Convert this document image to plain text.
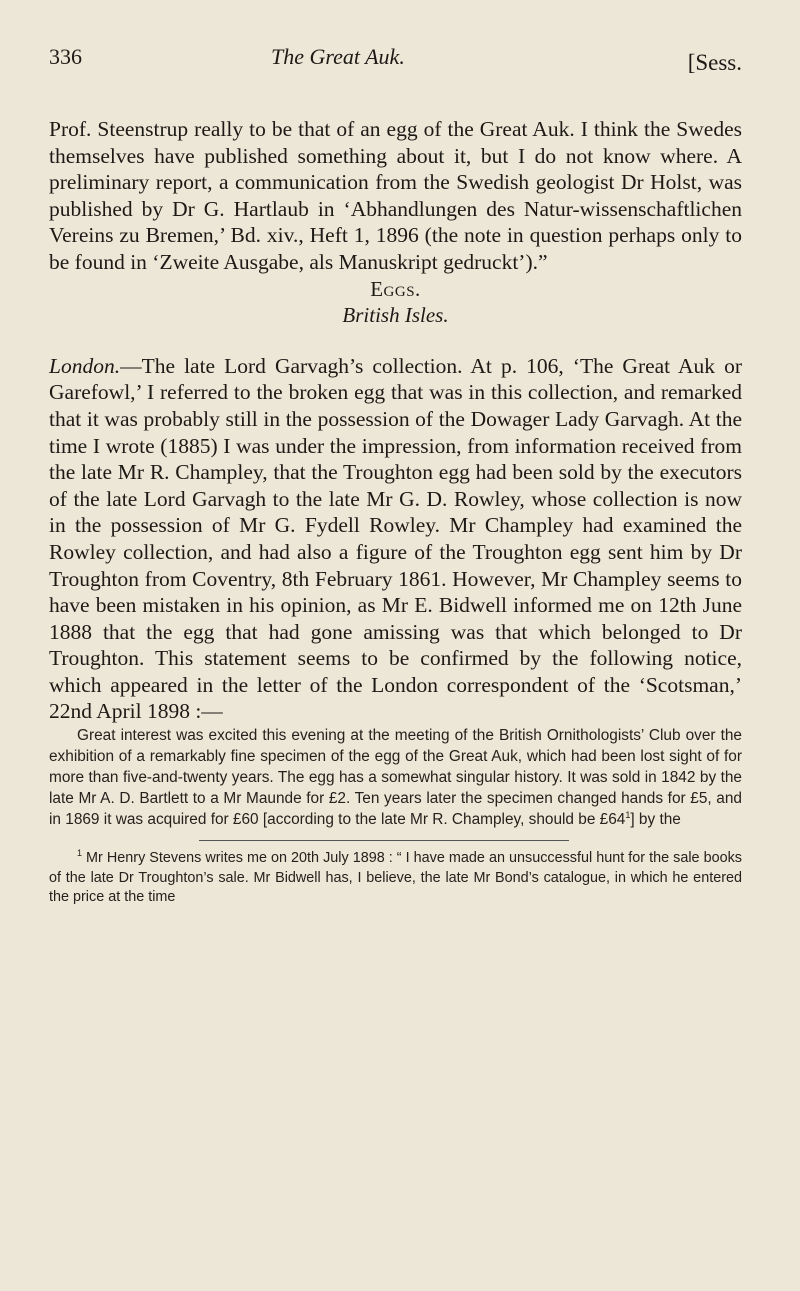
336	The Great Auk.	[Sess.

Prof. Steenstrup really to be that of an egg of the Great Auk. I think the Swedes themselves have published something about it, but I do not know where. A preliminary report, a communication from the Swedish geologist Dr Holst, was published by Dr G. Hartlaub in ‘Abhandlungen des Natur-wissenschaftlichen Vereins zu Bremen,’ Bd. xiv., Heft 1, 1896 (the note in question perhaps only to be found in ‘Zweite Ausgabe, als Manuskript gedruckt’).”

Eggs.

British Isles.

London.—The late Lord Garvagh’s collection. At p. 106, ‘The Great Auk or Garefowl,’ I referred to the broken egg that was in this collection, and remarked that it was probably still in the possession of the Dowager Lady Garvagh. At the time I wrote (1885) I was under the impression, from information received from the late Mr R. Champley, that the Troughton egg had been sold by the executors of the late Lord Garvagh to the late Mr G. D. Rowley, whose collection is now in the possession of Mr G. Fydell Rowley. Mr Champley had examined the Rowley collection, and had also a figure of the Troughton egg sent him by Dr Troughton from Coventry, 8th February 1861. However, Mr Champley seems to have been mistaken in his opinion, as Mr E. Bidwell informed me on 12th June 1888 that the egg that had gone amissing was that which belonged to Dr Troughton. This statement seems to be confirmed by the following notice, which appeared in the letter of the London correspondent of the ‘Scotsman,’ 22nd April 1898 :—

Great interest was excited this evening at the meeting of the British Ornithologists’ Club over the exhibition of a remarkably fine specimen of the egg of the Great Auk, which had been lost sight of for more than five-and-twenty years. The egg has a somewhat singular history. It was sold in 1842 by the late Mr A. D. Bartlett to a Mr Maunde for £2. Ten years later the specimen changed hands for £5, and in 1869 it was acquired for £60 [according to the late Mr R. Champley, should be $£64^1$] by the

$^1$ Mr Henry Stevens writes me on 20th July 1898 : “ I have made an unsuccessful hunt for the sale books of the late Dr Troughton’s sale. Mr Bidwell has, I believe, the late Mr Bond’s catalogue, in which he entered the price at the time
